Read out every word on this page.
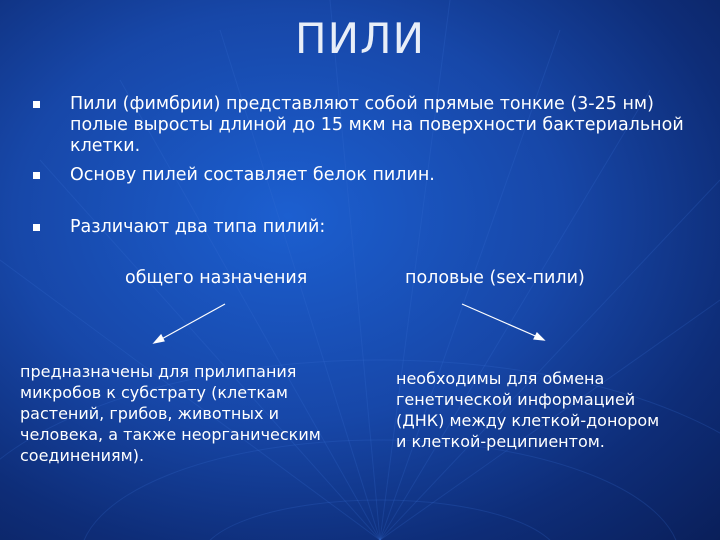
ПИЛИ
Пили (фимбрии) представляют собой прямые тонкие (3-25 нм) полые выросты длиной до 15 мкм на поверхности бактериальной клетки.
Основу пилей составляет белок пилин.
Различают два типа пилий:
общего назначения	половые (sex-пили)
предназначены для прилипания микробов к субстрату (клеткам растений, грибов, животных и человека, а также неорганическим соединениям).
необходимы для обмена генетической информацией (ДНК) между клеткой-донором и клеткой-реципиентом.
